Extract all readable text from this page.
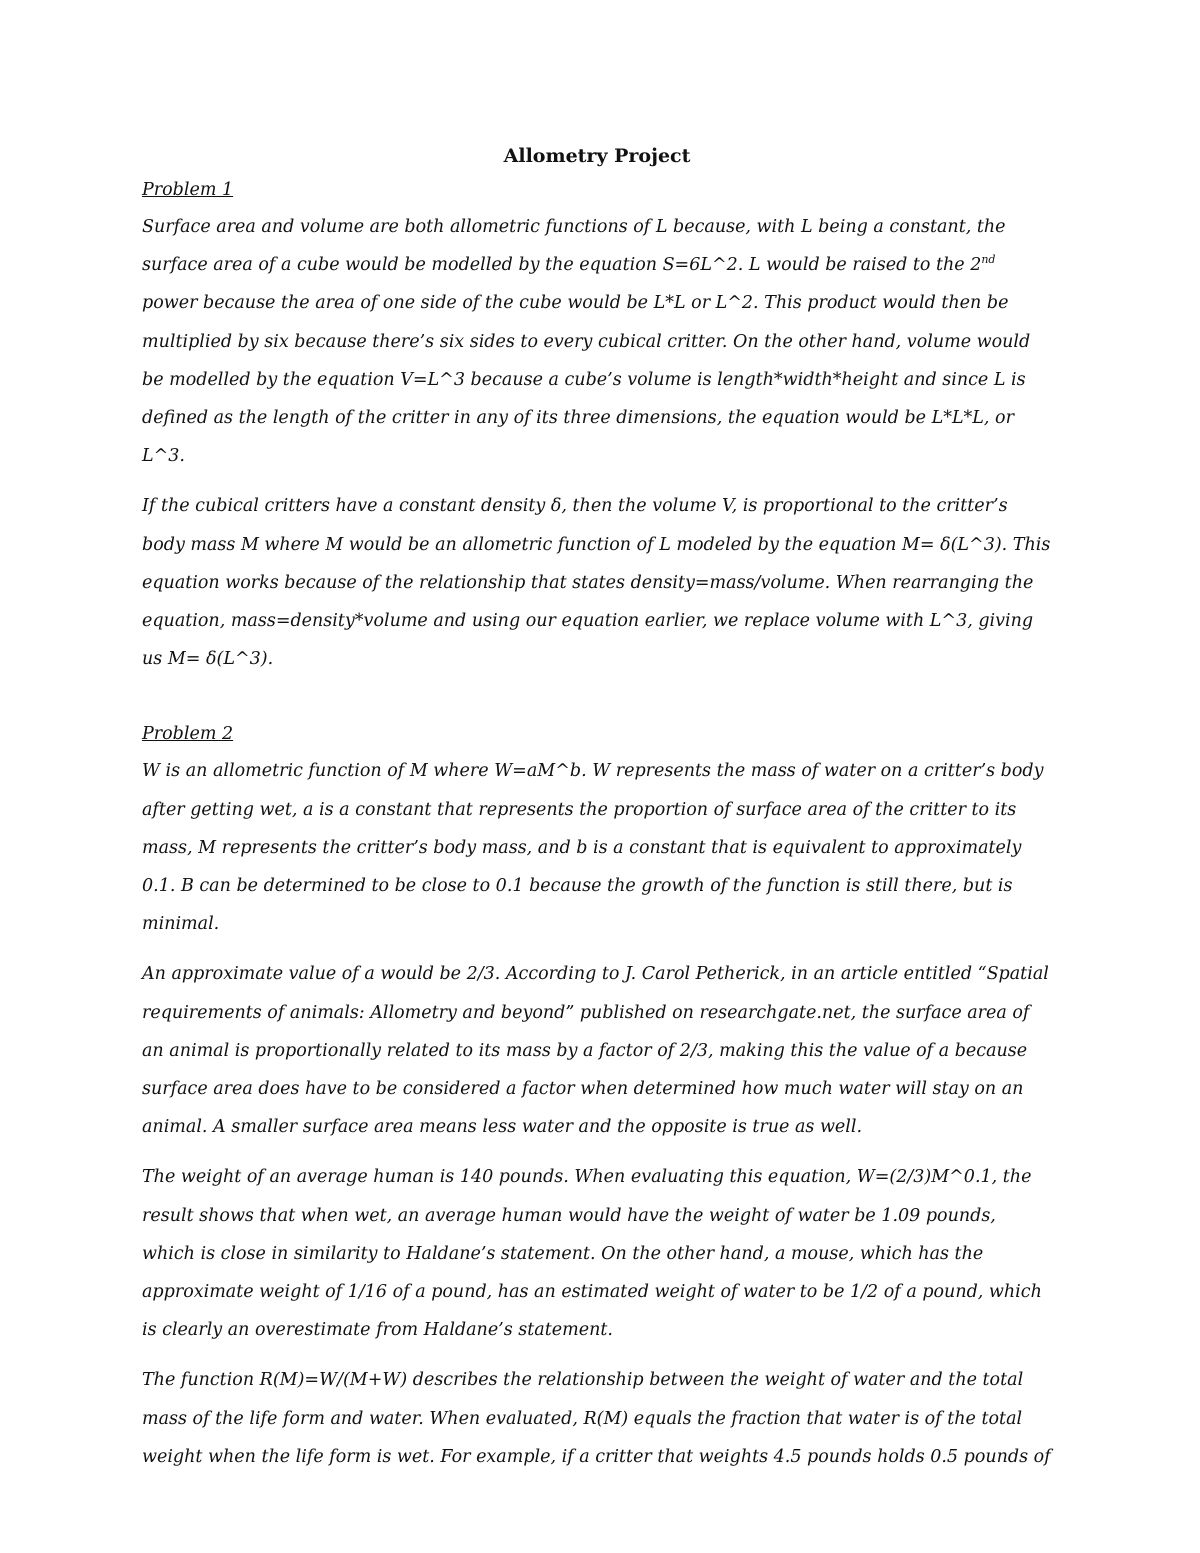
Allometry Project

Problem 1

Surface area and volume are both allometric functions of L because, with L being a constant, the surface area of a cube would be modelled by the equation S=6L^2. L would be raised to the 2nd power because the area of one side of the cube would be L*L or L^2. This product would then be multiplied by six because there’s six sides to every cubical critter. On the other hand, volume would be modelled by the equation V=L^3 because a cube’s volume is length*width*height and since L is defined as the length of the critter in any of its three dimensions, the equation would be L*L*L, or L^3.

If the cubical critters have a constant density δ, then the volume V, is proportional to the critter’s body mass M where M would be an allometric function of L modeled by the equation M= δ(L^3). This equation works because of the relationship that states density=mass/volume. When rearranging the equation, mass=density*volume and using our equation earlier, we replace volume with L^3, giving us M= δ(L^3).

Problem 2

W is an allometric function of M where W=aM^b. W represents the mass of water on a critter’s body after getting wet, a is a constant that represents the proportion of surface area of the critter to its mass, M represents the critter’s body mass, and b is a constant that is equivalent to approximately 0.1. B can be determined to be close to 0.1 because the growth of the function is still there, but is minimal.

An approximate value of a would be 2/3. According to J. Carol Petherick, in an article entitled “Spatial requirements of animals: Allometry and beyond” published on researchgate.net, the surface area of an animal is proportionally related to its mass by a factor of 2/3, making this the value of a because surface area does have to be considered a factor when determined how much water will stay on an animal. A smaller surface area means less water and the opposite is true as well.

The weight of an average human is 140 pounds. When evaluating this equation, W=(2/3)M^0.1, the result shows that when wet, an average human would have the weight of water be 1.09 pounds, which is close in similarity to Haldane’s statement. On the other hand, a mouse, which has the approximate weight of 1/16 of a pound, has an estimated weight of water to be 1/2 of a pound, which is clearly an overestimate from Haldane’s statement.

The function R(M)=W/(M+W) describes the relationship between the weight of water and the total mass of the life form and water. When evaluated, R(M) equals the fraction that water is of the total weight when the life form is wet. For example, if a critter that weights 4.5 pounds holds 0.5 pounds of
